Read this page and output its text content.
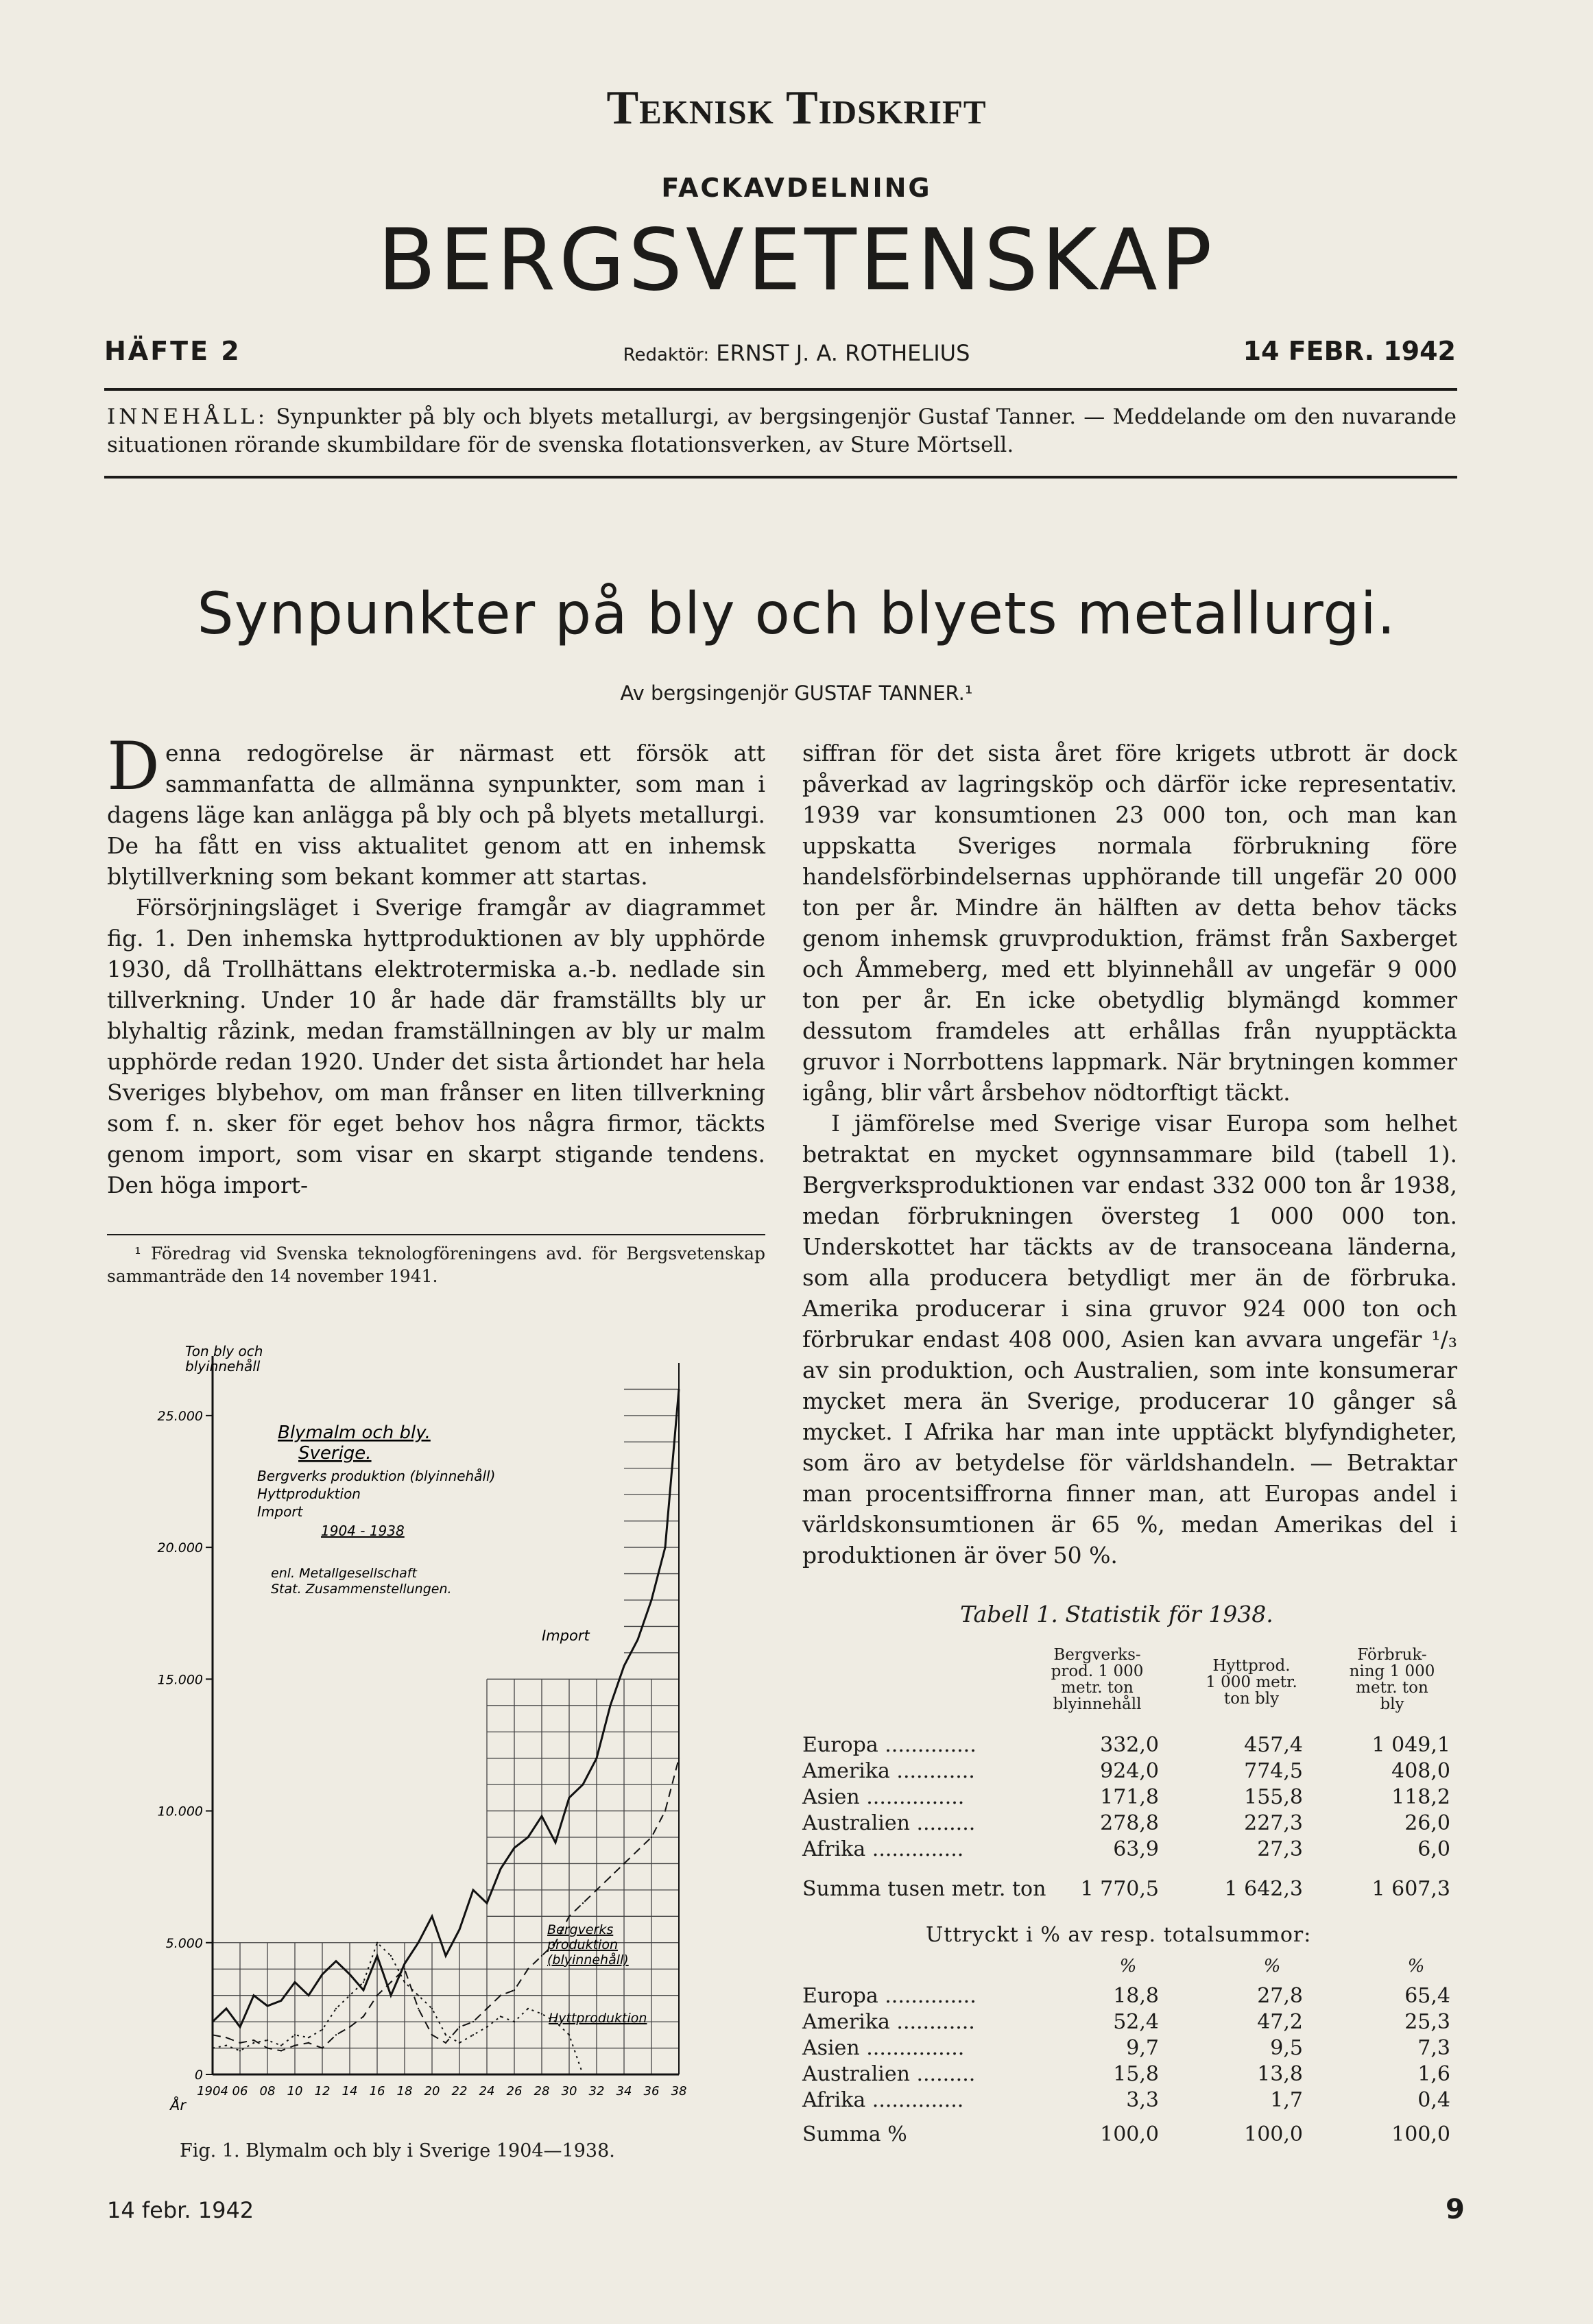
Teknisk Tidskrift
FACKAVDELNING
BERGSVETENSKAP
HÄFTE 2	Redaktör: ERNST J. A. ROTHELIUS	14 FEBR. 1942
INNEHÅLL: Synpunkter på bly och blyets metallurgi, av bergsingenjör Gustaf Tanner. — Meddelande om den nuvarande situationen rörande skumbildare för de svenska flotationsverken, av Sture Mörtsell.
Synpunkter på bly och blyets metallurgi.
Av bergsingenjör GUSTAF TANNER.¹

Denna redogörelse är närmast ett försök att sammanfatta de allmänna synpunkter, som man i dagens läge kan anlägga på bly och på blyets metallurgi. De ha fått en viss aktualitet genom att en inhemsk blytillverkning som bekant kommer att startas.

Försörjningsläget i Sverige framgår av diagrammet fig. 1. Den inhemska hyttproduktionen av bly upphörde 1930, då Trollhättans elektrotermiska a.-b. nedlade sin tillverkning. Under 10 år hade där framställts bly ur blyhaltig råzink, medan framställningen av bly ur malm upphörde redan 1920. Under det sista årtiondet har hela Sveriges blybehov, om man frånser en liten tillverkning som f. n. sker för eget behov hos några firmor, täckts genom import, som visar en skarpt stigande tendens. Den höga import-

¹ Föredrag vid Svenska teknologföreningens avd. för Bergsvetenskap sammanträde den 14 november 1941.
0
5.000
10.000
15.000
20.000
25.000
1904 06 08 10 12 14 16 18 20 22 24 26 28 30 32 34 36 38
År
Ton bly och
blyinnehåll
Blymalm och bly.
Sverige.
Bergverks produktion (blyinnehåll)
Hyttproduktion
Import
1904 - 1938
enl. Metallgesellschaft
Stat. Zusammenstellungen.
Import
Bergverks
produktion
(blyinnehåll)
Hyttproduktion
Fig. 1. Blymalm och bly i Sverige 1904—1938.

siffran för det sista året före krigets utbrott är dock påverkad av lagringsköp och därför icke representativ. 1939 var konsumtionen 23 000 ton, och man kan uppskatta Sveriges normala förbrukning före handelsförbindelsernas upphörande till ungefär 20 000 ton per år. Mindre än hälften av detta behov täcks genom inhemsk gruvproduktion, främst från Saxberget och Åmmeberg, med ett blyinnehåll av ungefär 9 000 ton per år. En icke obetydlig blymängd kommer dessutom framdeles att erhållas från nyupptäckta gruvor i Norrbottens lappmark. När brytningen kommer igång, blir vårt årsbehov nödtorftigt täckt.

I jämförelse med Sverige visar Europa som helhet betraktat en mycket ogynnsammare bild (tabell 1). Bergverksproduktionen var endast 332 000 ton år 1938, medan förbrukningen översteg 1 000 000 ton. Underskottet har täckts av de transoceana länderna, som alla producera betydligt mer än de förbruka. Amerika producerar i sina gruvor 924 000 ton och förbrukar endast 408 000, Asien kan avvara ungefär ¹/₃ av sin produktion, och Australien, som inte konsumerar mycket mera än Sverige, producerar 10 gånger så mycket. I Afrika har man inte upptäckt blyfyndigheter, som äro av betydelse för världshandeln. — Betraktar man procentsiffrorna finner man, att Europas andel i världskonsumtionen är 65 %, medan Amerikas del i produktionen är över 50 %.

Tabell 1. Statistik för 1938.
Bergverks-
prod. 1 000
metr. ton
blyinnehåll
Hyttprod.
1 000 metr.
ton bly
Förbruk-
ning 1 000
metr. ton
bly
Europa ..............	332,0	457,4	1 049,1
Amerika ............	924,0	774,5	408,0
Asien ...............	171,8	155,8	118,2
Australien .........	278,8	227,3	26,0
Afrika ..............	63,9	27,3	6,0
Summa tusen metr. ton	1 770,5	1 642,3	1 607,3
Europa ..............	18,8	27,8	65,4
Amerika ............	52,4	47,2	25,3
Asien ...............	9,7	9,5	7,3
Australien .........	15,8	13,8	1,6
Afrika ..............	3,3	1,7	0,4
Summa %	100,0	100,0	100,0
Uttryckt i % av resp. totalsummor:
%	%	%
14 febr. 1942	9
